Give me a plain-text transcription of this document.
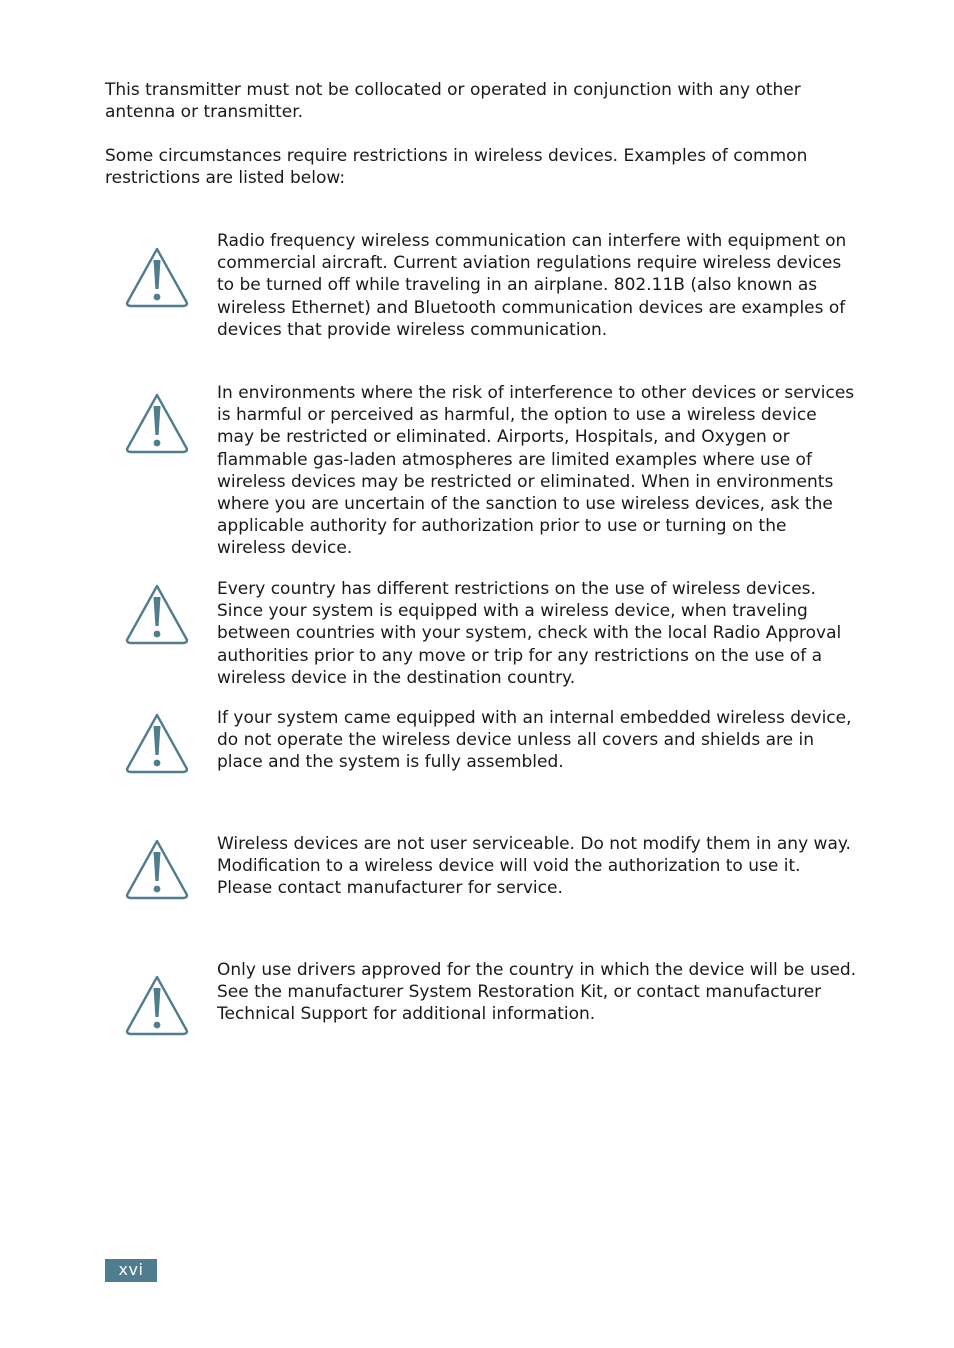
This transmitter must not be collocated or operated in conjunction with any other antenna or transmitter.

Some circumstances require restrictions in wireless devices. Examples of common restrictions are listed below:

Radio frequency wireless communication can interfere with equipment on commercial aircraft. Current aviation regulations require wireless devices to be turned off while traveling in an airplane. 802.11B (also known as wireless Ethernet) and Bluetooth communication devices are examples of devices that provide wireless communication.

In environments where the risk of interference to other devices or services is harmful or perceived as harmful, the option to use a wireless device may be restricted or eliminated. Airports, Hospitals, and Oxygen or flammable gas-laden atmospheres are limited examples where use of wireless devices may be restricted or eliminated. When in environments where you are uncertain of the sanction to use wireless devices, ask the applicable authority for authorization prior to use or turning on the wireless device.

Every country has different restrictions on the use of wireless devices. Since your system is equipped with a wireless device, when traveling between countries with your system, check with the local Radio Approval authorities prior to any move or trip for any restrictions on the use of a wireless device in the destination country.

If your system came equipped with an internal embedded wireless device, do not operate the wireless device unless all covers and shields are in place and the system is fully assembled.

Wireless devices are not user serviceable. Do not modify them in any way. Modification to a wireless device will void the authorization to use it. Please contact manufacturer for service.

Only use drivers approved for the country in which the device will be used. See the manufacturer System Restoration Kit, or contact manufacturer Technical Support for additional information.

xvi
